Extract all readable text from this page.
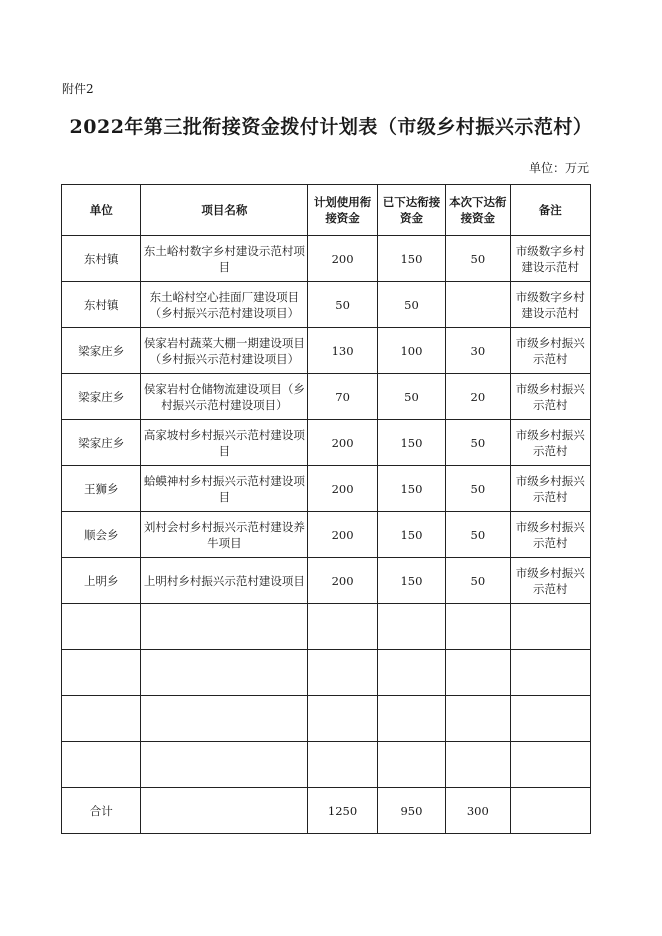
附件2
2022年第三批衔接资金拨付计划表（市级乡村振兴示范村）
单位：万元
单位	项目名称	计划使用衔接资金	已下达衔接资金	本次下达衔接资金	备注
东村镇	东土峪村数字乡村建设示范村项目	200	150	50	市级数字乡村建设示范村
东村镇	东土峪村空心挂面厂建设项目（乡村振兴示范村建设项目）	50	50		市级数字乡村建设示范村
梁家庄乡	侯家岩村蔬菜大棚一期建设项目（乡村振兴示范村建设项目）	130	100	30	市级乡村振兴示范村
梁家庄乡	侯家岩村仓储物流建设项目（乡村振兴示范村建设项目）	70	50	20	市级乡村振兴示范村
梁家庄乡	高家坡村乡村振兴示范村建设项目	200	150	50	市级乡村振兴示范村
王狮乡	蛤蟆神村乡村振兴示范村建设项目	200	150	50	市级乡村振兴示范村
顺会乡	刘村会村乡村振兴示范村建设养牛项目	200	150	50	市级乡村振兴示范村
上明乡	上明村乡村振兴示范村建设项目	200	150	50	市级乡村振兴示范村

合计		1250	950	300	
